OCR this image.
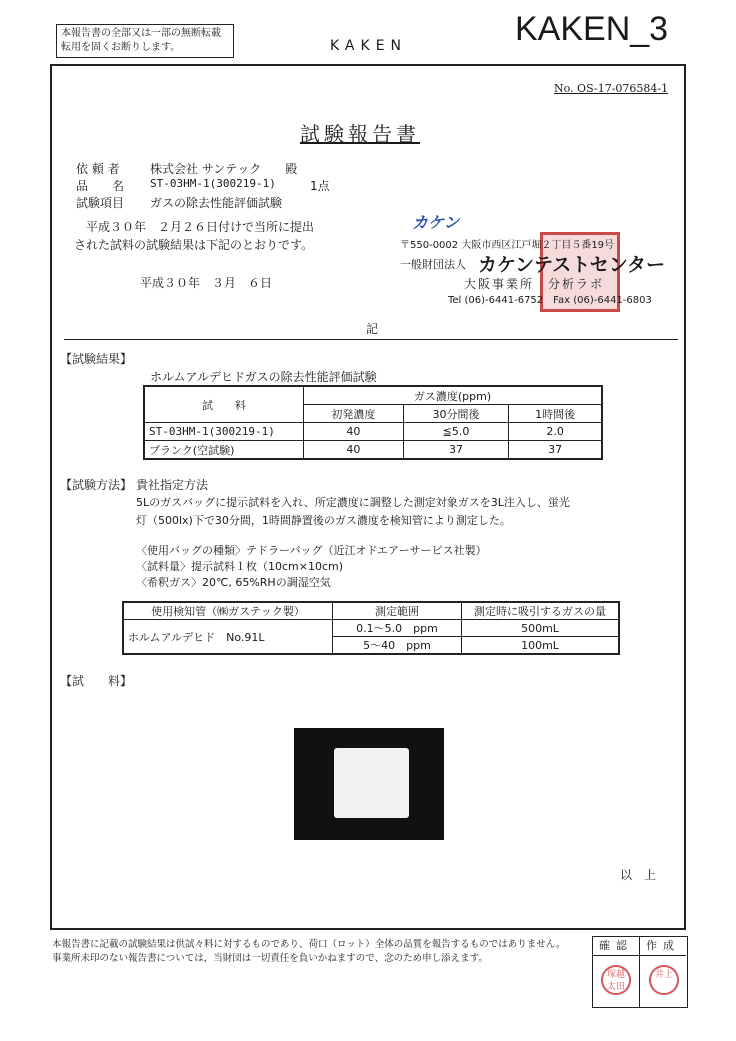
本報告書の全部又は一部の無断転載転用を固くお断りします。	KAKEN	KAKEN_3
No. OS-17-076584-1
試験報告書
依 頼 者	株式会社 サンテック　　殿
品　　名 ST-03HM-1(300219-1)	1点
試験項目 ガスの除去性能評価試験
平成３０年　２月２６日付けで当所に提出
された試料の試験結果は下記のとおりです。
平成３０年　３月　６日
カケン
〒550-0002 大阪市西区江戸堀２丁目５番19号
一般財団法人 カケンテストセンター
大阪事業所　分析ラボ
Tel (06)-6441-6752　Fax (06)-6441-6803
記
【試験結果】
ホルムアルデヒドガスの除去性能評価試験
試　　料	ガス濃度(ppm)		
	初発濃度	30分間後	1時間後
ST-03HM-1(300219-1)	40	≦5.0	2.0
ブランク(空試験)	40	37	37
【試験方法】 貴社指定方法
5Lのガスバッグに提示試料を入れ、所定濃度に調整した測定対象ガスを3L注入し、蛍光
灯（500lx)下で30分間，1時間静置後のガス濃度を検知管により測定した。
〈使用バッグの種類〉テドラーバッグ（近江オドエアーサービス社製）
〈試料量〉提示試料１枚（10cm×10cm)
〈希釈ガス〉20℃, 65%RHの調湿空気
使用検知管（㈱ガステック製）	測定範囲	測定時に吸引するガスの量
ホルムアルデヒド　No.91L	0.1～5.0　ppm	500mL
	5～40　ppm	100mL
【試　　料】
以　上
本報告書に記載の試験結果は供試々料に対するものであり、荷口（ロット）全体の品質を報告するものではありません。
事業所未印のない報告書については，当財団は一切責任を負いかねますので、念のため申し添えます。
確認	作成
塚越 太田
井上
